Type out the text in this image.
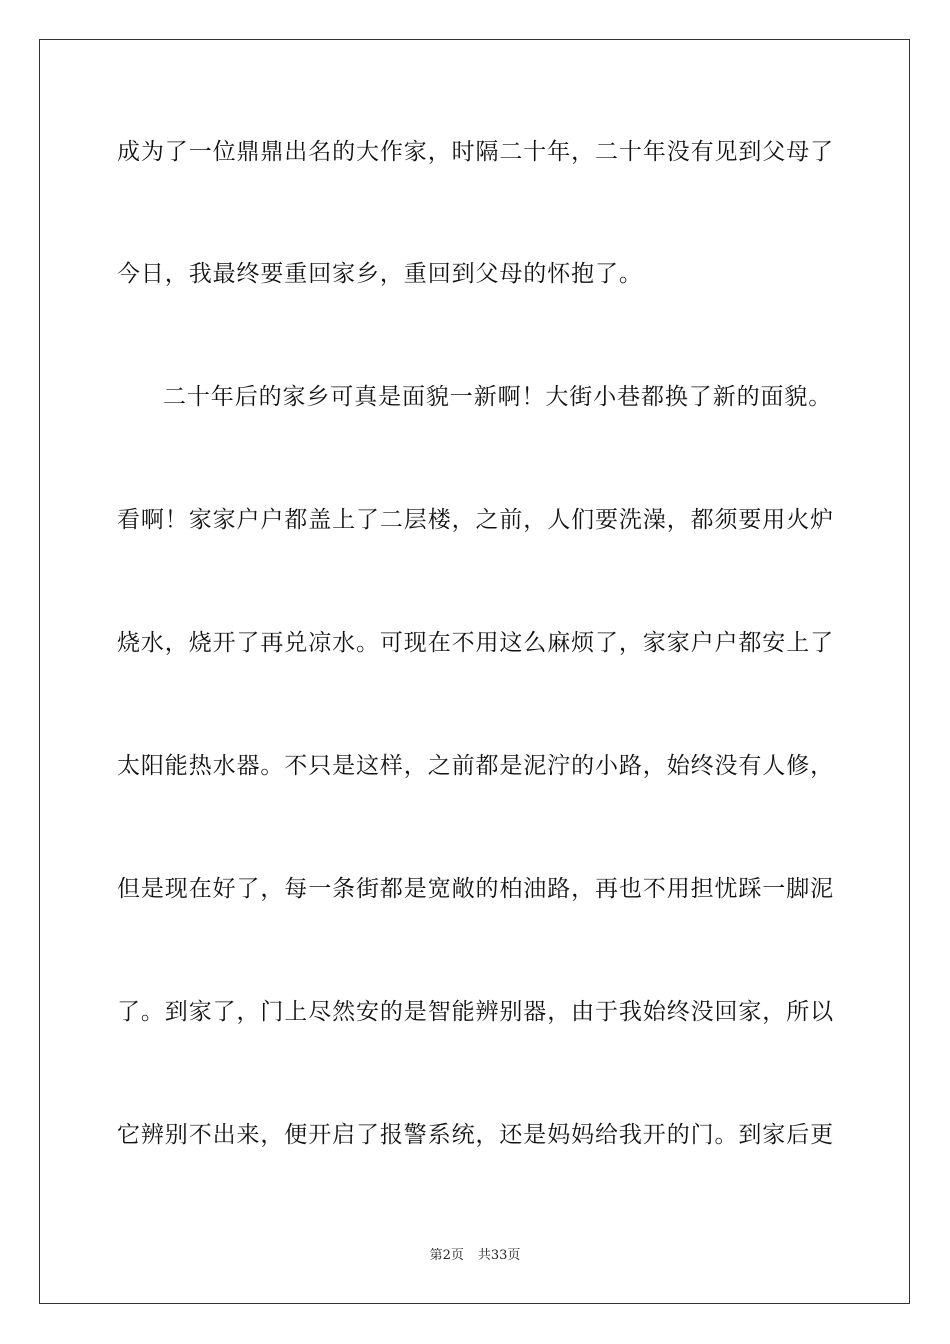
成为了一位鼎鼎出名的大作家，时隔二十年，二十年没有见到父母了
今日，我最终要重回家乡，重回到父母的怀抱了。
二十年后的家乡可真是面貌一新啊！大街小巷都换了新的面貌。
看啊！家家户户都盖上了二层楼，之前，人们要洗澡，都须要用火炉
烧水，烧开了再兑凉水。可现在不用这么麻烦了，家家户户都安上了
太阳能热水器。不只是这样，之前都是泥泞的小路，始终没有人修，
但是现在好了，每一条街都是宽敞的柏油路，再也不用担忧踩一脚泥
了。到家了，门上尽然安的是智能辨别器，由于我始终没回家，所以
它辨别不出来，便开启了报警系统，还是妈妈给我开的门。到家后更
第2页 共33页
